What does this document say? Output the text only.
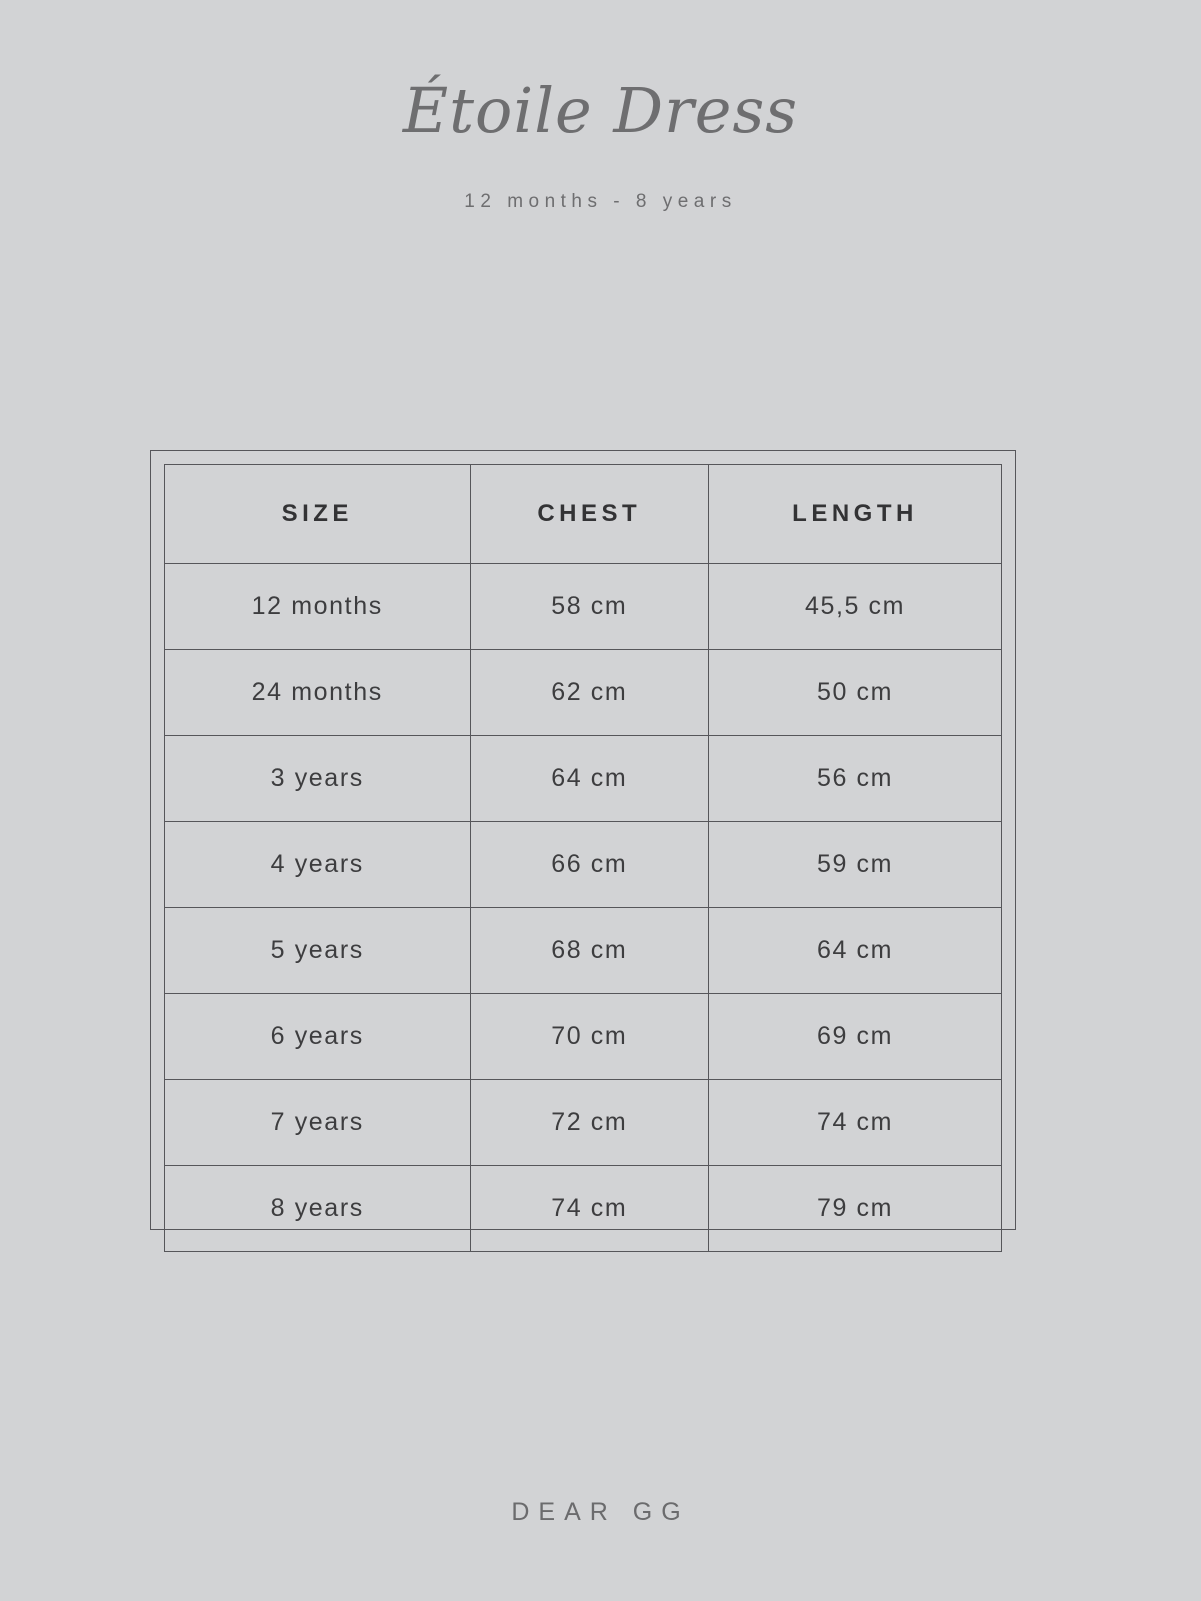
Étoile Dress

12 months - 8 years

SIZE	CHEST	LENGTH
12 months	58 cm	45,5 cm
24 months	62 cm	50 cm
3 years	64 cm	56 cm
4 years	66 cm	59 cm
5 years	68 cm	64 cm
6 years	70 cm	69 cm
7 years	72 cm	74 cm
8 years	74 cm	79 cm
DEAR GG
